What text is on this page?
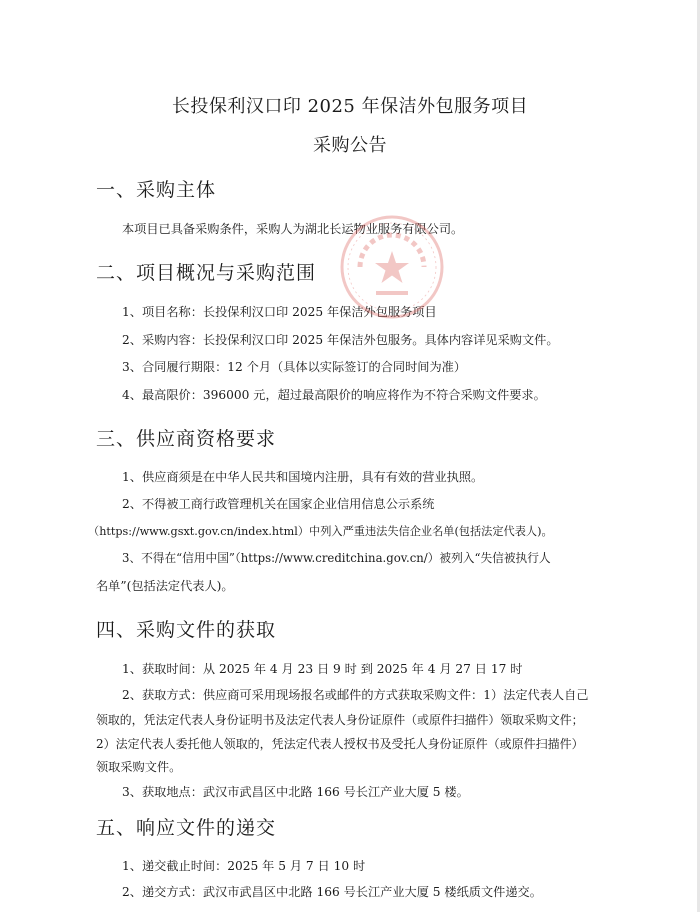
长投保利汉口印 2025 年保洁外包服务项目
采购公告
一、采购主体
本项目已具备采购条件，采购人为湖北长运物业服务有限公司。
二、项目概况与采购范围
1、项目名称：长投保利汉口印 2025 年保洁外包服务项目
2、采购内容：长投保利汉口印 2025 年保洁外包服务。具体内容详见采购文件。
3、合同履行期限：12 个月（具体以实际签订的合同时间为准）
4、最高限价：396000 元，超过最高限价的响应将作为不符合采购文件要求。
三、供应商资格要求
1、供应商须是在中华人民共和国境内注册，具有有效的营业执照。
2、不得被工商行政管理机关在国家企业信用信息公示系统
（https://www.gsxt.gov.cn/index.html）中列入严重违法失信企业名单(包括法定代表人)。
3、不得在“信用中国”（https://www.creditchina.gov.cn/）被列入“失信被执行人
名单”(包括法定代表人)。
四、采购文件的获取
1、获取时间：从 2025 年 4 月 23 日 9 时 到 2025 年 4 月 27 日 17 时
2、获取方式：供应商可采用现场报名或邮件的方式获取采购文件：1）法定代表人自己
领取的，凭法定代表人身份证明书及法定代表人身份证原件（或原件扫描件）领取采购文件；
2）法定代表人委托他人领取的，凭法定代表人授权书及受托人身份证原件（或原件扫描件）
领取采购文件。
3、获取地点：武汉市武昌区中北路 166 号长江产业大厦 5 楼。
五、响应文件的递交
1、递交截止时间：2025 年 5 月 7 日 10 时
2、递交方式：武汉市武昌区中北路 166 号长江产业大厦 5 楼纸质文件递交。
